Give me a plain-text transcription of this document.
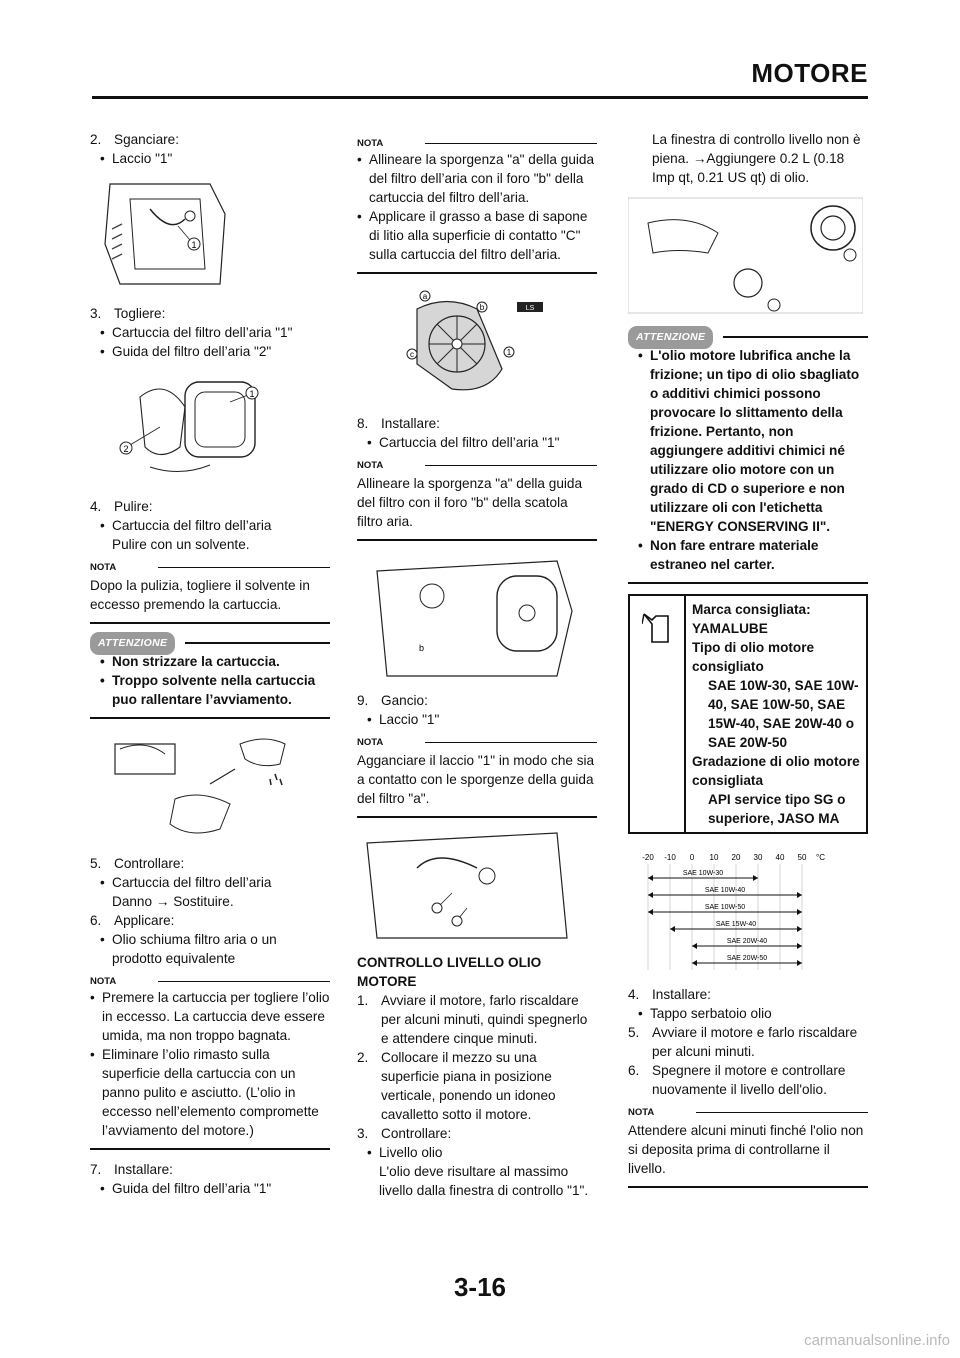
MOTORE
2. Sganciare:
• Laccio "1"
1
3. Togliere:
• Cartuccia del filtro dell’aria "1"
• Guida del filtro dell’aria "2"
1
2
4. Pulire:
• Cartuccia del filtro dell’aria
Pulire con un solvente.
NOTA
Dopo la pulizia, togliere il solvente in eccesso premendo la cartuccia.
ATTENZIONE
• Non strizzare la cartuccia.
• Troppo solvente nella cartuccia puo rallentare l’avviamento.
5. Controllare:
• Cartuccia del filtro dell’aria
Danno → Sostituire.
6. Applicare:
• Olio schiuma filtro aria o un prodotto equivalente
NOTA
• Premere la cartuccia per togliere l’olio in eccesso. La cartuccia deve essere umida, ma non troppo bagnata.
• Eliminare l’olio rimasto sulla superficie della cartuccia con un panno pulito e asciutto. (L’olio in eccesso nell’elemento compromette l’avviamento del motore.)
7. Installare:
• Guida del filtro dell’aria "1"
NOTA
• Allineare la sporgenza "a" della guida del filtro dell’aria con il foro "b" della cartuccia del filtro dell’aria.
• Applicare il grasso a base di sapone di litio alla superficie di contatto "C" sulla cartuccia del filtro dell’aria.
a
b
c	1
LS
8. Installare:
• Cartuccia del filtro dell’aria "1"
NOTA
Allineare la sporgenza "a" della guida del filtro con il foro "b" della scatola filtro aria.
b
9. Gancio:
• Laccio "1"
NOTA
Agganciare il laccio "1" in modo che sia a contatto con le sporgenze della guida del filtro "a".
CONTROLLO LIVELLO OLIO MOTORE
1. Avviare il motore, farlo riscaldare per alcuni minuti, quindi spegnerlo e attendere cinque minuti.
2. Collocare il mezzo su una superficie piana in posizione verticale, ponendo un idoneo cavalletto sotto il motore.
3. Controllare:
• Livello olio
L'olio deve risultare al massimo livello dalla finestra di controllo "1".
La finestra di controllo livello non è piena. →Aggiungere 0.2 L (0.18 Imp qt, 0.21 US qt) di olio.
ATTENZIONE
• L'olio motore lubrifica anche la frizione; un tipo di olio sbagliato o additivi chimici possono provocare lo slittamento della frizione. Pertanto, non aggiungere additivi chimici né utilizzare olio motore con un grado di CD o superiore e non utilizzare oli con l'etichetta "ENERGY CONSERVING II".
• Non fare entrare materiale estraneo nel carter.
Marca consigliata: YAMALUBE
Tipo di olio motore consigliato
SAE 10W-30, SAE 10W-40, SAE 10W-50, SAE 15W-40, SAE 20W-40 o SAE 20W-50
Gradazione di olio motore consigliata
API service tipo SG o superiore, JASO MA
-20 -10 0 10 20 30 40 50 °C
SAE 10W-30
SAE 10W-40
SAE 10W-50
SAE 15W-40
SAE 20W-40
SAE 20W-50
4. Installare:
• Tappo serbatoio olio
5. Avviare il motore e farlo riscaldare per alcuni minuti.
6. Spegnere il motore e controllare nuovamente il livello dell'olio.
NOTA
Attendere alcuni minuti finché l'olio non si deposita prima di controllarne il livello.
3-16
carmanualsonline.info
